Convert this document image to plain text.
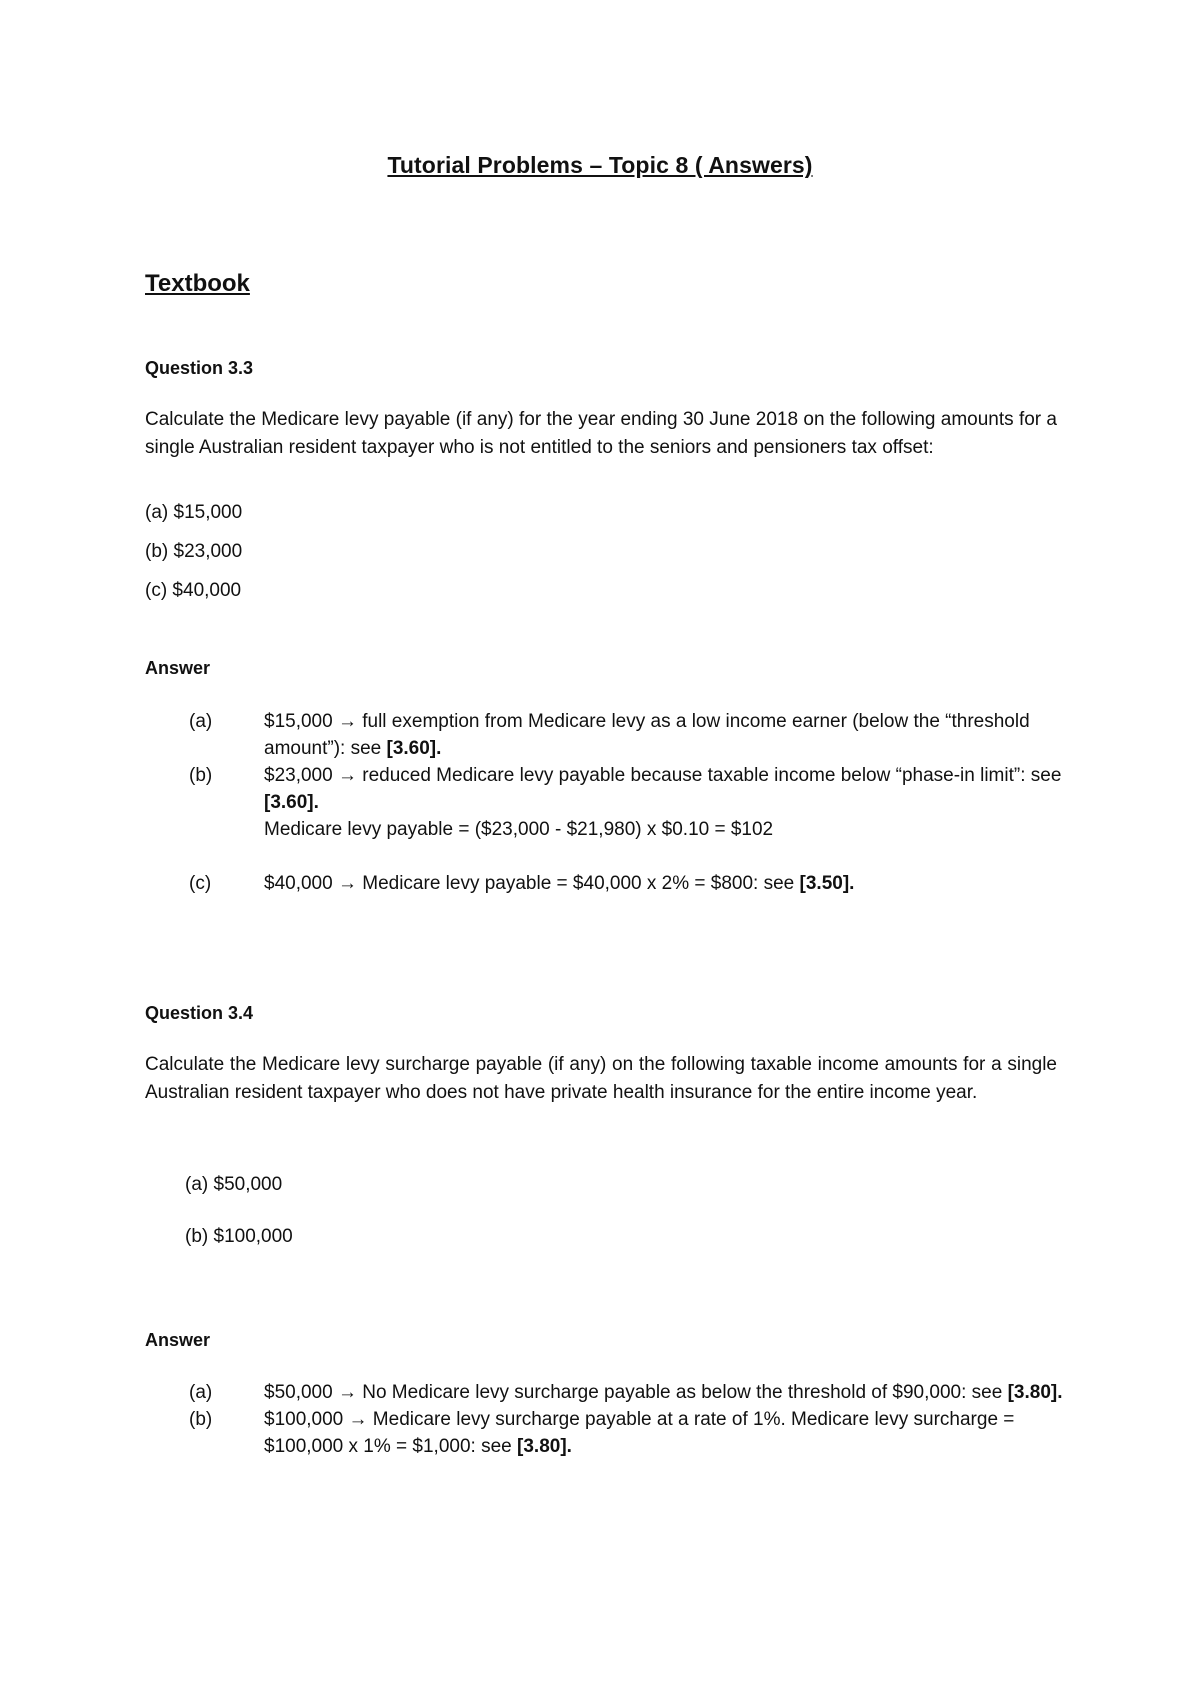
Tutorial Problems – Topic 8 ( Answers)
Textbook
Question 3.3
Calculate the Medicare levy payable (if any) for the year ending 30 June 2018 on the following amounts for a single Australian resident taxpayer who is not entitled to the seniors and pensioners tax offset:
(a) $15,000
(b) $23,000
(c) $40,000
Answer
(a)	$15,000 → full exemption from Medicare levy as a low income earner (below the “threshold amount”): see [3.60].
(b)	$23,000 → reduced Medicare levy payable because taxable income below “phase-in limit”: see [3.60].
Medicare levy payable = ($23,000 - $21,980) x $0.10 = $102
(c)	$40,000 → Medicare levy payable = $40,000 x 2% = $800: see [3.50].
Question 3.4
Calculate the Medicare levy surcharge payable (if any) on the following taxable income amounts for a single Australian resident taxpayer who does not have private health insurance for the entire income year.
(a) $50,000
(b) $100,000
Answer
(a)	$50,000 → No Medicare levy surcharge payable as below the threshold of $90,000: see [3.80].
(b)	$100,000 → Medicare levy surcharge payable at a rate of 1%. Medicare levy surcharge = $100,000 x 1% = $1,000: see [3.80].
